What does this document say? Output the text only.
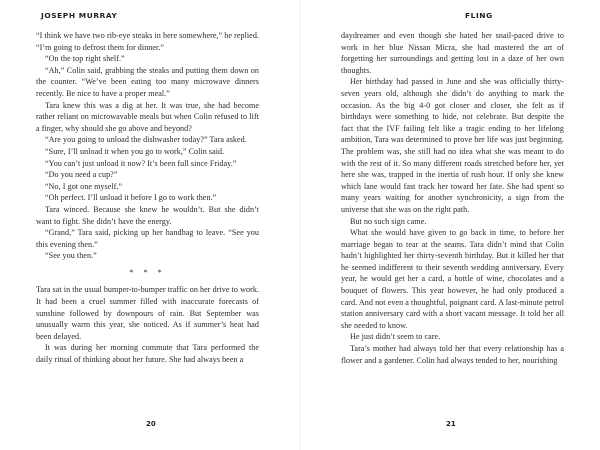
JOSEPH MURRAY

“I think we have two rib-eye steaks in here somewhere,” he replied. “I’m going to defrost them for dinner.”

“On the top right shelf.”

“Ah,” Colin said, grabbing the steaks and putting them down on the counter. “We’ve been eating too many microwave dinners recently. Be nice to have a proper meal.”

Tara knew this was a dig at her. It was true, she had become rather reliant on microwavable meals but when Colin refused to lift a finger, why should she go above and beyond?

“Are you going to unload the dishwasher today?” Tara asked.

“Sure, I’ll unload it when you go to work,” Colin said.

“You can’t just unload it now? It’s been full since Friday.”

“Do you need a cup?”

“No, I got one myself.”

“Oh perfect. I’ll unload it before I go to work then.”

Tara winced. Because she knew he wouldn’t. But she didn’t want to fight. She didn’t have the energy.

“Grand,” Tara said, picking up her handbag to leave. “See you this evening then.”

“See you then.”

* * *

Tara sat in the usual bumper-to-bumper traffic on her drive to work. It had been a cruel summer filled with inaccurate forecasts of sunshine followed by downpours of rain. But September was unusually warm this year, she noticed. As if summer’s heat had been delayed.

It was during her morning commute that Tara performed the daily ritual of thinking about her future. She had always been a

20

FLING

daydreamer and even though she hated her snail-paced drive to work in her blue Nissan Micra, she had mastered the art of forgetting her surroundings and getting lost in a daze of her own thoughts.

Her birthday had passed in June and she was officially thirty-seven years old, although she didn’t do anything to mark the occasion. As the big 4-0 got closer and closer, she felt as if birthdays were something to hide, not celebrate. But despite the fact that the IVF failing felt like a tragic ending to her lifelong ambition, Tara was determined to prove her life was just beginning. The problem was, she still had no idea what she was meant to do with the rest of it. So many different roads stretched before her, yet here she was, trapped in the inertia of rush hour. If only she knew which lane would fast track her toward her fate. She had spent so many years waiting for another synchronicity, a sign from the universe that she was on the right path.

But no such sign came.

What she would have given to go back in time, to before her marriage began to tear at the seams. Tara didn’t mind that Colin hadn’t highlighted her thirty-seventh birthday. But it killed her that he seemed indifferent to their seventh wedding anniversary. Every year, he would get her a card, a bottle of wine, chocolates and a bouquet of flowers. This year however, he had only produced a card. And not even a thoughtful, poignant card. A last-minute petrol station anniversary card with a short vacant message. It told her all she needed to know.

He just didn’t seem to care.

Tara’s mother had always told her that every relationship has a flower and a gardener. Colin had always tended to her, nourishing

21
